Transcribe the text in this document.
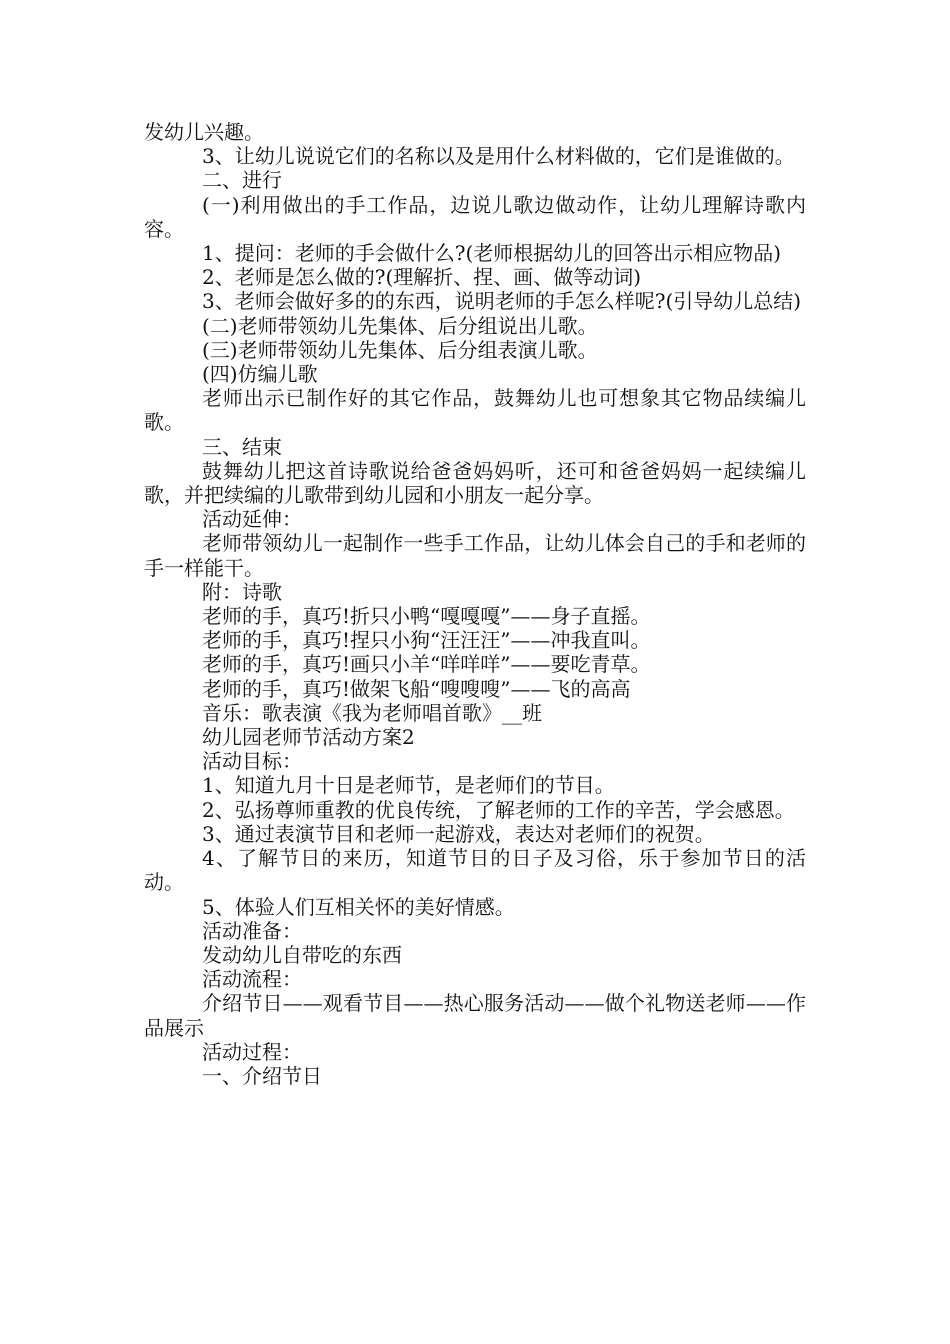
发幼儿兴趣。

3、让幼儿说说它们的名称以及是用什么材料做的，它们是谁做的。

二、进行

(一)利用做出的手工作品，边说儿歌边做动作，让幼儿理解诗歌内容。

1、提问：老师的手会做什么?(老师根据幼儿的回答出示相应物品)

2、老师是怎么做的?(理解折、捏、画、做等动词)

3、老师会做好多的的东西，说明老师的手怎么样呢?(引导幼儿总结)

(二)老师带领幼儿先集体、后分组说出儿歌。

(三)老师带领幼儿先集体、后分组表演儿歌。

(四)仿编儿歌

老师出示已制作好的其它作品，鼓舞幼儿也可想象其它物品续编儿歌。

三、结束

鼓舞幼儿把这首诗歌说给爸爸妈妈听，还可和爸爸妈妈一起续编儿歌，并把续编的儿歌带到幼儿园和小朋友一起分享。

活动延伸：

老师带领幼儿一起制作一些手工作品，让幼儿体会自己的手和老师的手一样能干。

附：诗歌

老师的手，真巧!折只小鸭“嘎嘎嘎”——身子直摇。

老师的手，真巧!捏只小狗“汪汪汪”——冲我直叫。

老师的手，真巧!画只小羊“咩咩咩”——要吃青草。

老师的手，真巧!做架飞船“嗖嗖嗖”——飞的高高

音乐：歌表演《我为老师唱首歌》__班

幼儿园老师节活动方案2

活动目标：

1、知道九月十日是老师节，是老师们的节目。

2、弘扬尊师重教的优良传统，了解老师的工作的辛苦，学会感恩。

3、通过表演节目和老师一起游戏，表达对老师们的祝贺。

4、了解节日的来历，知道节日的日子及习俗，乐于参加节日的活动。

5、体验人们互相关怀的美好情感。

活动准备：

发动幼儿自带吃的东西

活动流程：

介绍节日——观看节目——热心服务活动——做个礼物送老师——作品展示

活动过程：

一、介绍节日
